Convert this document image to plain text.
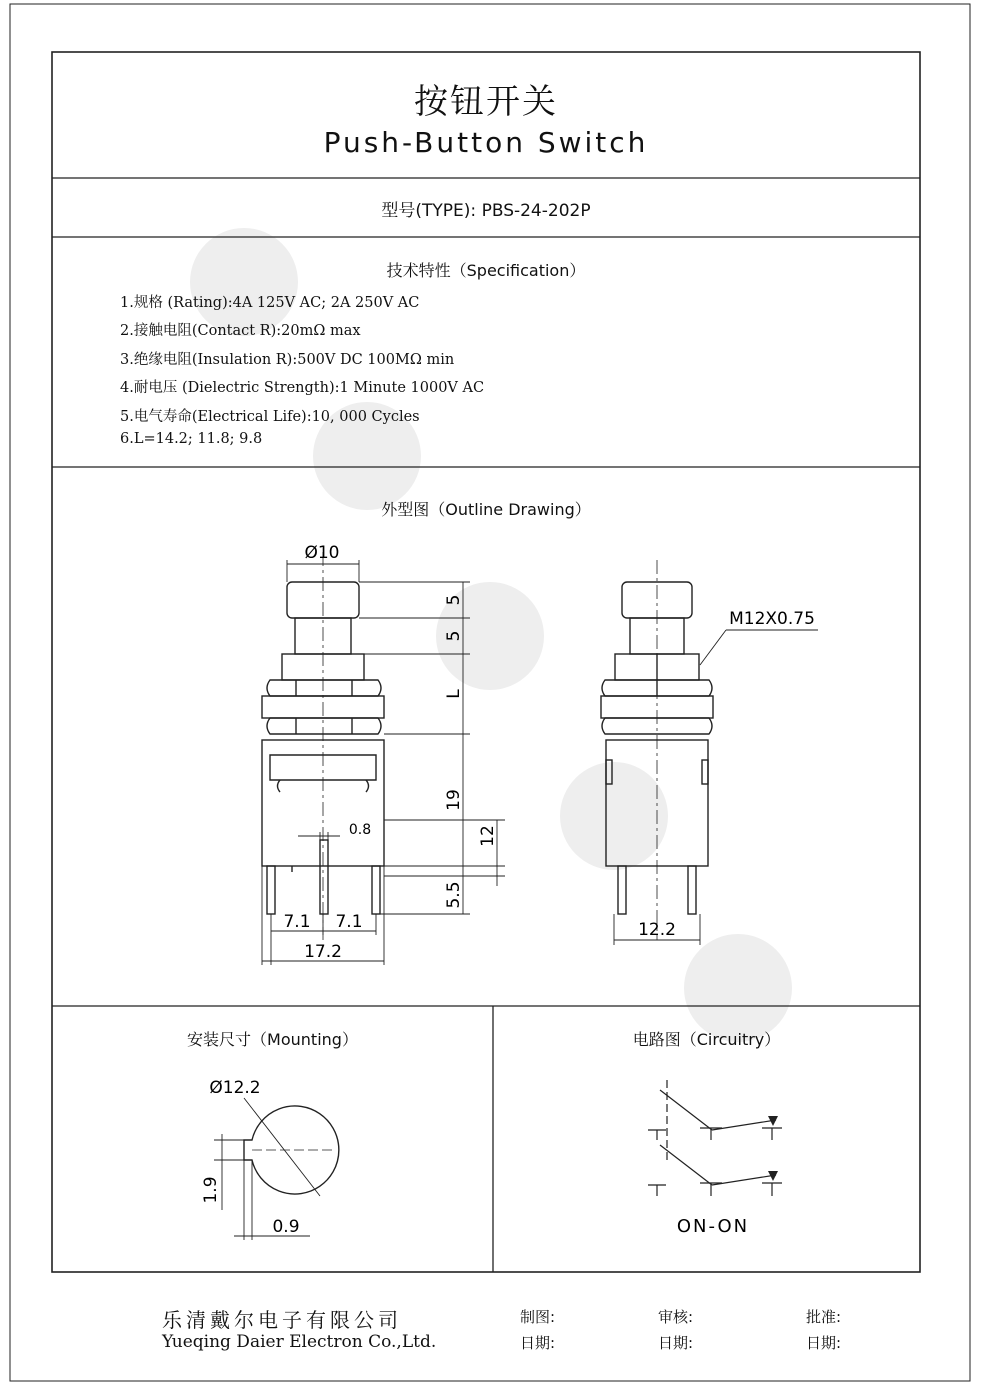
Ø10
5
5
L
19
12
0.8
5.5
7.1 7.1
17.2
12.2
M12X0.75
Ø12.2
1.9
0.9	ON-ON
按钮开关
Push-Button Switch
型号(TYPE): PBS-24-202P
技术特性（Specification）
1.规格 (Rating):4A 125V AC; 2A 250V AC
2.接触电阻(Contact R):20mΩ max
3.绝缘电阻(Insulation R):500V DC 100MΩ min
4.耐电压 (Dielectric Strength):1 Minute 1000V AC
5.电气寿命(Electrical Life):10, 000 Cycles
6.L=14.2; 11.8; 9.8
外型图（Outline Drawing）
安装尺寸（Mounting）	电路图（Circuitry）
乐清戴尔电子有限公司
Yueqing Daier Electron Co.,Ltd.
制图:	审核:	批准:
日期:	日期:	日期:
